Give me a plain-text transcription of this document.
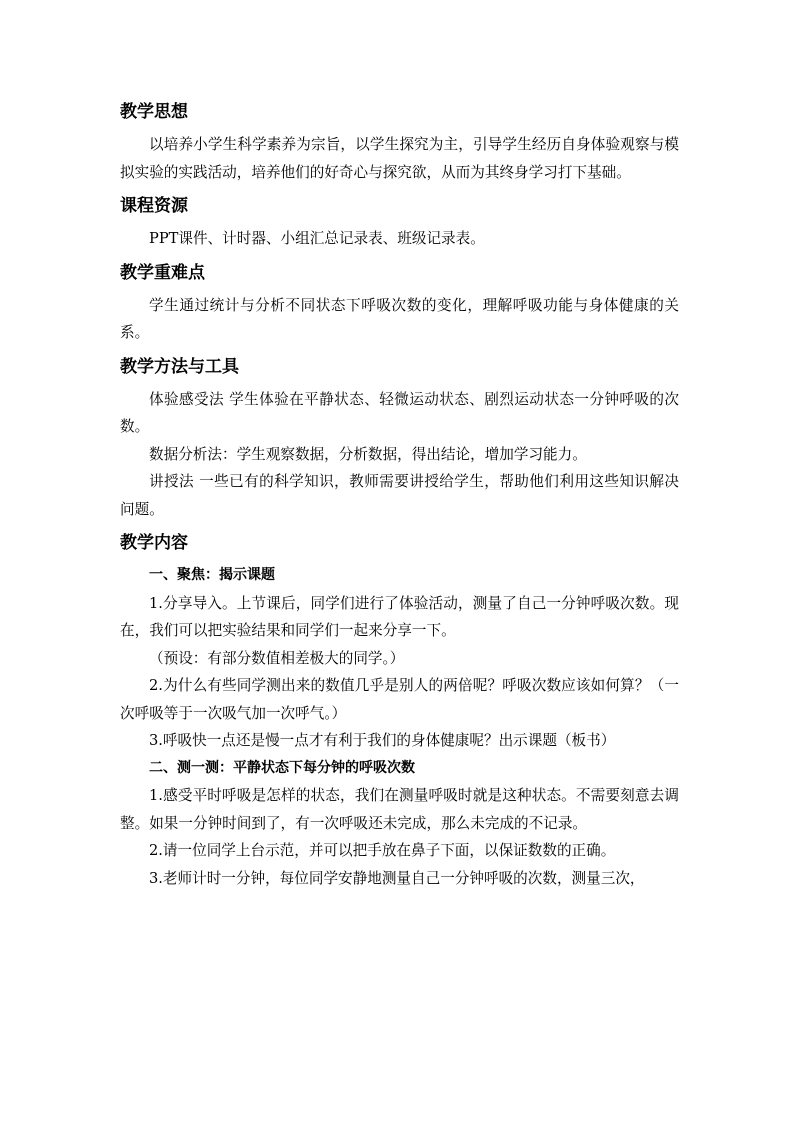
教学思想

以培养小学生科学素养为宗旨，以学生探究为主，引导学生经历自身体验观察与模拟实验的实践活动，培养他们的好奇心与探究欲，从而为其终身学习打下基础。

课程资源

PPT课件、计时器、小组汇总记录表、班级记录表。

教学重难点

学生通过统计与分析不同状态下呼吸次数的变化，理解呼吸功能与身体健康的关系。

教学方法与工具

体验感受法 学生体验在平静状态、轻微运动状态、剧烈运动状态一分钟呼吸的次数。

数据分析法：学生观察数据，分析数据，得出结论，增加学习能力。

讲授法 一些已有的科学知识，教师需要讲授给学生，帮助他们利用这些知识解决问题。

教学内容

一、聚焦：揭示课题

1.分享导入。上节课后，同学们进行了体验活动，测量了自己一分钟呼吸次数。现在，我们可以把实验结果和同学们一起来分享一下。

（预设：有部分数值相差极大的同学。）

2.为什么有些同学测出来的数值几乎是别人的两倍呢？呼吸次数应该如何算？（一次呼吸等于一次吸气加一次呼气。）

3.呼吸快一点还是慢一点才有利于我们的身体健康呢？出示课题（板书）

二、测一测：平静状态下每分钟的呼吸次数

1.感受平时呼吸是怎样的状态，我们在测量呼吸时就是这种状态。不需要刻意去调整。如果一分钟时间到了，有一次呼吸还未完成，那么未完成的不记录。

2.请一位同学上台示范，并可以把手放在鼻子下面，以保证数数的正确。

3.老师计时一分钟，每位同学安静地测量自己一分钟呼吸的次数，测量三次，
